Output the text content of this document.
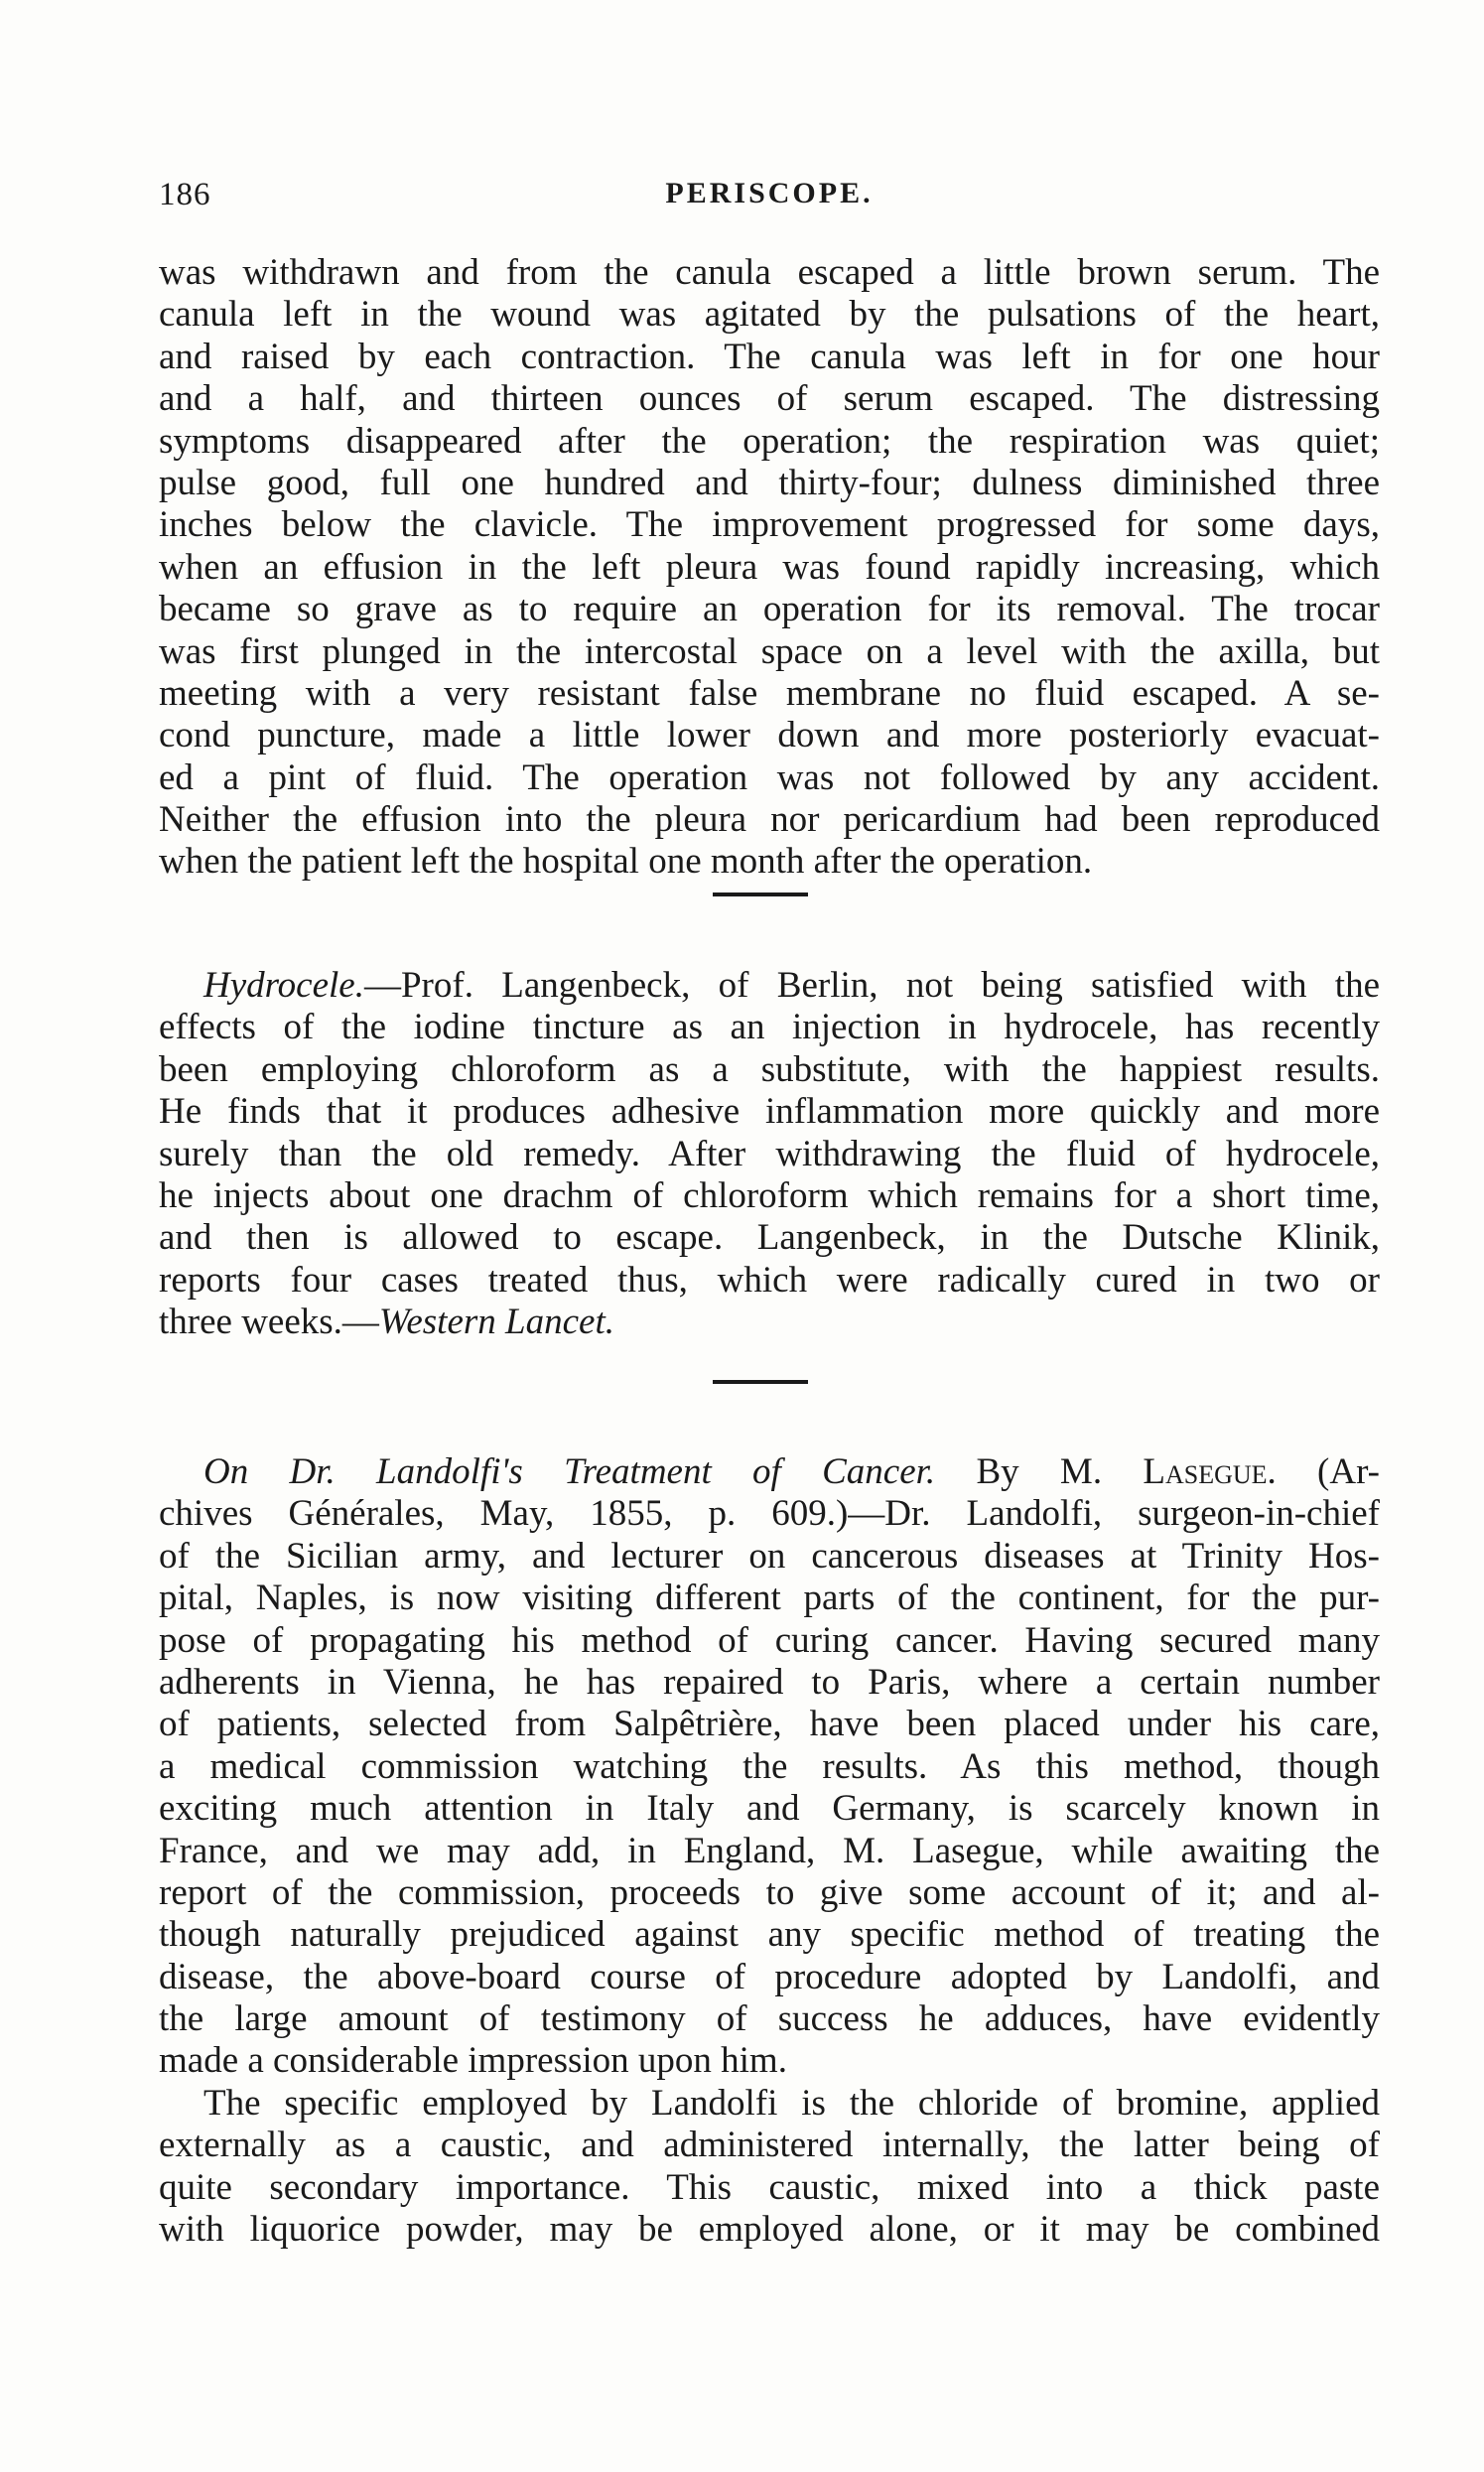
186	PERISCOPE.
was withdrawn and from the canula escaped a little brown serum. The
canula left in the wound was agitated by the pulsations of the heart,
and raised by each contraction. The canula was left in for one hour
and a half, and thirteen ounces of serum escaped. The distressing
symptoms disappeared after the operation; the respiration was quiet;
pulse good, full one hundred and thirty-four; dulness diminished three
inches below the clavicle. The improvement progressed for some days,
when an effusion in the left pleura was found rapidly increasing, which
became so grave as to require an operation for its removal. The trocar
was first plunged in the intercostal space on a level with the axilla, but
meeting with a very resistant false membrane no fluid escaped. A se-
cond puncture, made a little lower down and more posteriorly evacuat-
ed a pint of fluid. The operation was not followed by any accident.
Neither the effusion into the pleura nor pericardium had been reproduced
when the patient left the hospital one month after the operation.
Hydrocele.—Prof. Langenbeck, of Berlin, not being satisfied with the
effects of the iodine tincture as an injection in hydrocele, has recently
been employing chloroform as a substitute, with the happiest results.
He finds that it produces adhesive inflammation more quickly and more
surely than the old remedy. After withdrawing the fluid of hydrocele,
he injects about one drachm of chloroform which remains for a short time,
and then is allowed to escape. Langenbeck, in the Dutsche Klinik,
reports four cases treated thus, which were radically cured in two or
three weeks.—Western Lancet.
On Dr. Landolfi's Treatment of Cancer. By M. Lasegue. (Ar-
chives Générales, May, 1855, p. 609.)—Dr. Landolfi, surgeon-in-chief
of the Sicilian army, and lecturer on cancerous diseases at Trinity Hos-
pital, Naples, is now visiting different parts of the continent, for the pur-
pose of propagating his method of curing cancer. Having secured many
adherents in Vienna, he has repaired to Paris, where a certain number
of patients, selected from Salpêtrière, have been placed under his care,
a medical commission watching the results. As this method, though
exciting much attention in Italy and Germany, is scarcely known in
France, and we may add, in England, M. Lasegue, while awaiting the
report of the commission, proceeds to give some account of it; and al-
though naturally prejudiced against any specific method of treating the
disease, the above-board course of procedure adopted by Landolfi, and
the large amount of testimony of success he adduces, have evidently
made a considerable impression upon him.
The specific employed by Landolfi is the chloride of bromine, applied
externally as a caustic, and administered internally, the latter being of
quite secondary importance. This caustic, mixed into a thick paste
with liquorice powder, may be employed alone, or it may be combined
